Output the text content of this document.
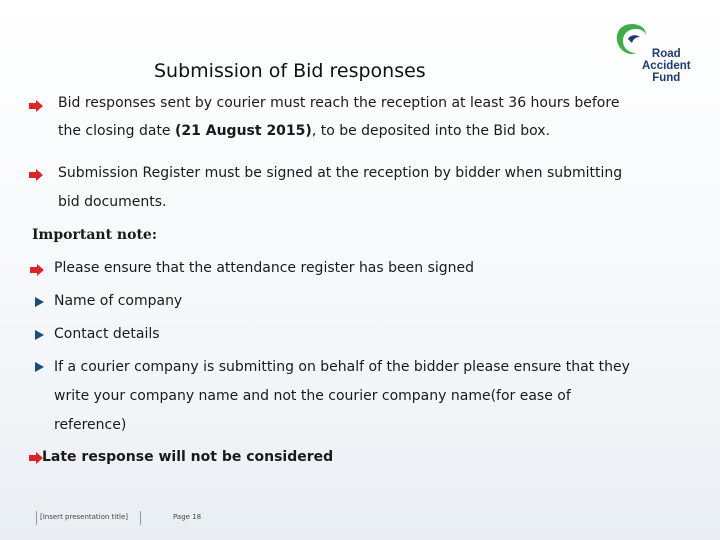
Submission of Bid responses
Road
Accident
Fund
Bid responses sent by courier must reach the reception at least 36 hours before
the closing date (21 August 2015), to be deposited into the Bid box.
Submission Register must be signed at the reception by bidder when submitting
bid documents.
Important note:
Please ensure that the attendance register has been signed
Name of company
Contact details
If a courier company is submitting on behalf of the bidder please ensure that they
write your company name and not the courier company name(for ease of
reference)
Late response will not be considered
[Insert presentation title]	Page 18
